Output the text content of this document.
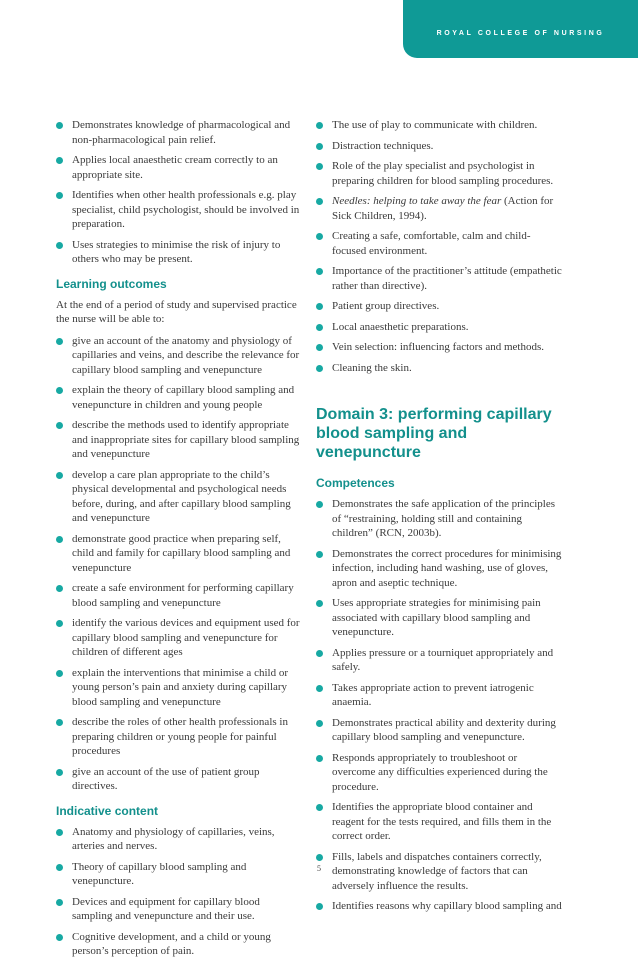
ROYAL COLLEGE OF NURSING
Demonstrates knowledge of pharmacological and non-pharmacological pain relief.
Applies local anaesthetic cream correctly to an appropriate site.
Identifies when other health professionals e.g. play specialist, child psychologist, should be involved in preparation.
Uses strategies to minimise the risk of injury to others who may be present.
Learning outcomes

At the end of a period of study and supervised practice the nurse will be able to:

give an account of the anatomy and physiology of capillaries and veins, and describe the relevance for capillary blood sampling and venepuncture
explain the theory of capillary blood sampling and venepuncture in children and young people
describe the methods used to identify appropriate and inappropriate sites for capillary blood sampling and venepuncture
develop a care plan appropriate to the child’s physical developmental and psychological needs before, during, and after capillary blood sampling and venepuncture
demonstrate good practice when preparing self, child and family for capillary blood sampling and venepuncture
create a safe environment for performing capillary blood sampling and venepuncture
identify the various devices and equipment used for capillary blood sampling and venepuncture for children of different ages
explain the interventions that minimise a child or young person’s pain and anxiety during capillary blood sampling and venepuncture
describe the roles of other health professionals in preparing children or young people for painful procedures
give an account of the use of patient group directives.
Indicative content
Anatomy and physiology of capillaries, veins, arteries and nerves.
Theory of capillary blood sampling and venepuncture.
Devices and equipment for capillary blood sampling and venepuncture and their use.
Cognitive development, and a child or young person’s perception of pain.
The use of play to communicate with children.
Distraction techniques.
Role of the play specialist and psychologist in preparing children for blood sampling procedures.
Needles: helping to take away the fear (Action for Sick Children, 1994).
Creating a safe, comfortable, calm and child-focused environment.
Importance of the practitioner’s attitude (empathetic rather than directive).
Patient group directives.
Local anaesthetic preparations.
Vein selection: influencing factors and methods.
Cleaning the skin.
Domain 3: performing capillary blood sampling and venepuncture
Competences
Demonstrates the safe application of the principles of “restraining, holding still and containing children” (RCN, 2003b).
Demonstrates the correct procedures for minimising infection, including hand washing, use of gloves, apron and aseptic technique.
Uses appropriate strategies for minimising pain associated with capillary blood sampling and venepuncture.
Applies pressure or a tourniquet appropriately and safely.
Takes appropriate action to prevent iatrogenic anaemia.
Demonstrates practical ability and dexterity during capillary blood sampling and venepuncture.
Responds appropriately to troubleshoot or overcome any difficulties experienced during the procedure.
Identifies the appropriate blood container and reagent for the tests required, and fills them in the correct order.
Fills, labels and dispatches containers correctly, demonstrating knowledge of factors that can adversely influence the results.
Identifies reasons why capillary blood sampling and
5
